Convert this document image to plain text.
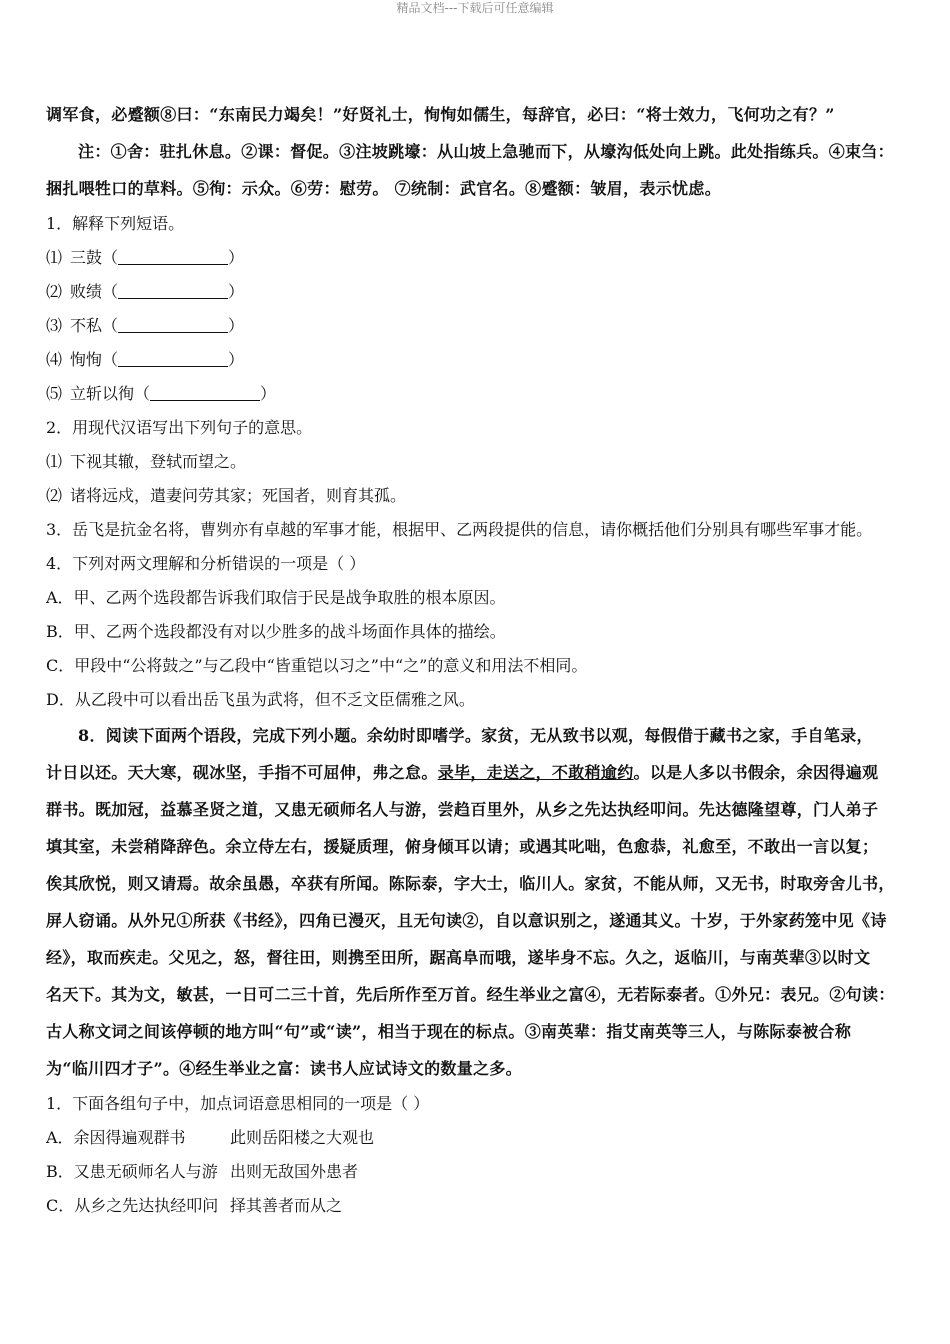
精品文档---下载后可任意编辑
调军食，必蹙额⑧曰：“东南民力竭矣！”好贤礼士，恂恂如儒生，每辞官，必曰：“将士效力，飞何功之有？”
注：①舍：驻扎休息。②课：督促。③注坡跳壕：从山坡上急驰而下，从壕沟低处向上跳。此处指练兵。④束刍：
捆扎喂牲口的草料。⑤徇：示众。⑥劳：慰劳。 ⑦统制：武官名。⑧蹙额：皱眉，表示忧虑。
1．解释下列短语。
⑴ 三鼓（	）
⑵ 败绩（	）
⑶ 不私（	）
⑷ 恂恂（	）
⑸ 立斩以徇（	）
2．用现代汉语写出下列句子的意思。
⑴ 下视其辙，登轼而望之。
⑵ 诸将远戍，遣妻问劳其家；死国者，则育其孤。
3．岳飞是抗金名将，曹刿亦有卓越的军事才能，根据甲、乙两段提供的信息，请你概括他们分别具有哪些军事才能。
4．下列对两文理解和分析错误的一项是（ ）
A．甲、乙两个选段都告诉我们取信于民是战争取胜的根本原因。
B．甲、乙两个选段都没有对以少胜多的战斗场面作具体的描绘。
C．甲段中“公将鼓之”与乙段中“皆重铠以习之”中“之”的意义和用法不相同。
D．从乙段中可以看出岳飞虽为武将，但不乏文臣儒雅之风。
8．阅读下面两个语段，完成下列小题。余幼时即嗜学。家贫，无从致书以观，每假借于藏书之家，手自笔录，
计日以还。天大寒，砚冰坚，手指不可屈伸，弗之怠。录毕，走送之，不敢稍逾约。以是人多以书假余，余因得遍观
群书。既加冠，益慕圣贤之道，又患无硕师名人与游，尝趋百里外，从乡之先达执经叩问。先达德隆望尊，门人弟子
填其室，未尝稍降辞色。余立侍左右，援疑质理，俯身倾耳以请；或遇其叱咄，色愈恭，礼愈至，不敢出一言以复；
俟其欣悦，则又请焉。故余虽愚，卒获有所闻。陈际泰，字大士，临川人。家贫，不能从师，又无书，时取旁舍儿书，
屏人窃诵。从外兄①所获《书经》，四角已漫灭，且无句读②，自以意识别之，遂通其义。十岁，于外家药笼中见《诗
经》，取而疾走。父见之，怒，督往田，则携至田所，踞高阜而哦，遂毕身不忘。久之，返临川，与南英辈③以时文
名天下。其为文，敏甚，一日可二三十首，先后所作至万首。经生举业之富④，无若际泰者。①外兄：表兄。②句读：
古人称文词之间该停顿的地方叫“句”或“读”，相当于现在的标点。③南英辈：指艾南英等三人，与陈际泰被合称
为“临川四才子”。④经生举业之富：读书人应试诗文的数量之多。
1．下面各组句子中，加点词语意思相同的一项是（ ）
A．余因得遍观群书	此则岳阳楼之大观也
B．又患无硕师名人与游 出则无敌国外患者
C．从乡之先达执经叩问 择其善者而从之
